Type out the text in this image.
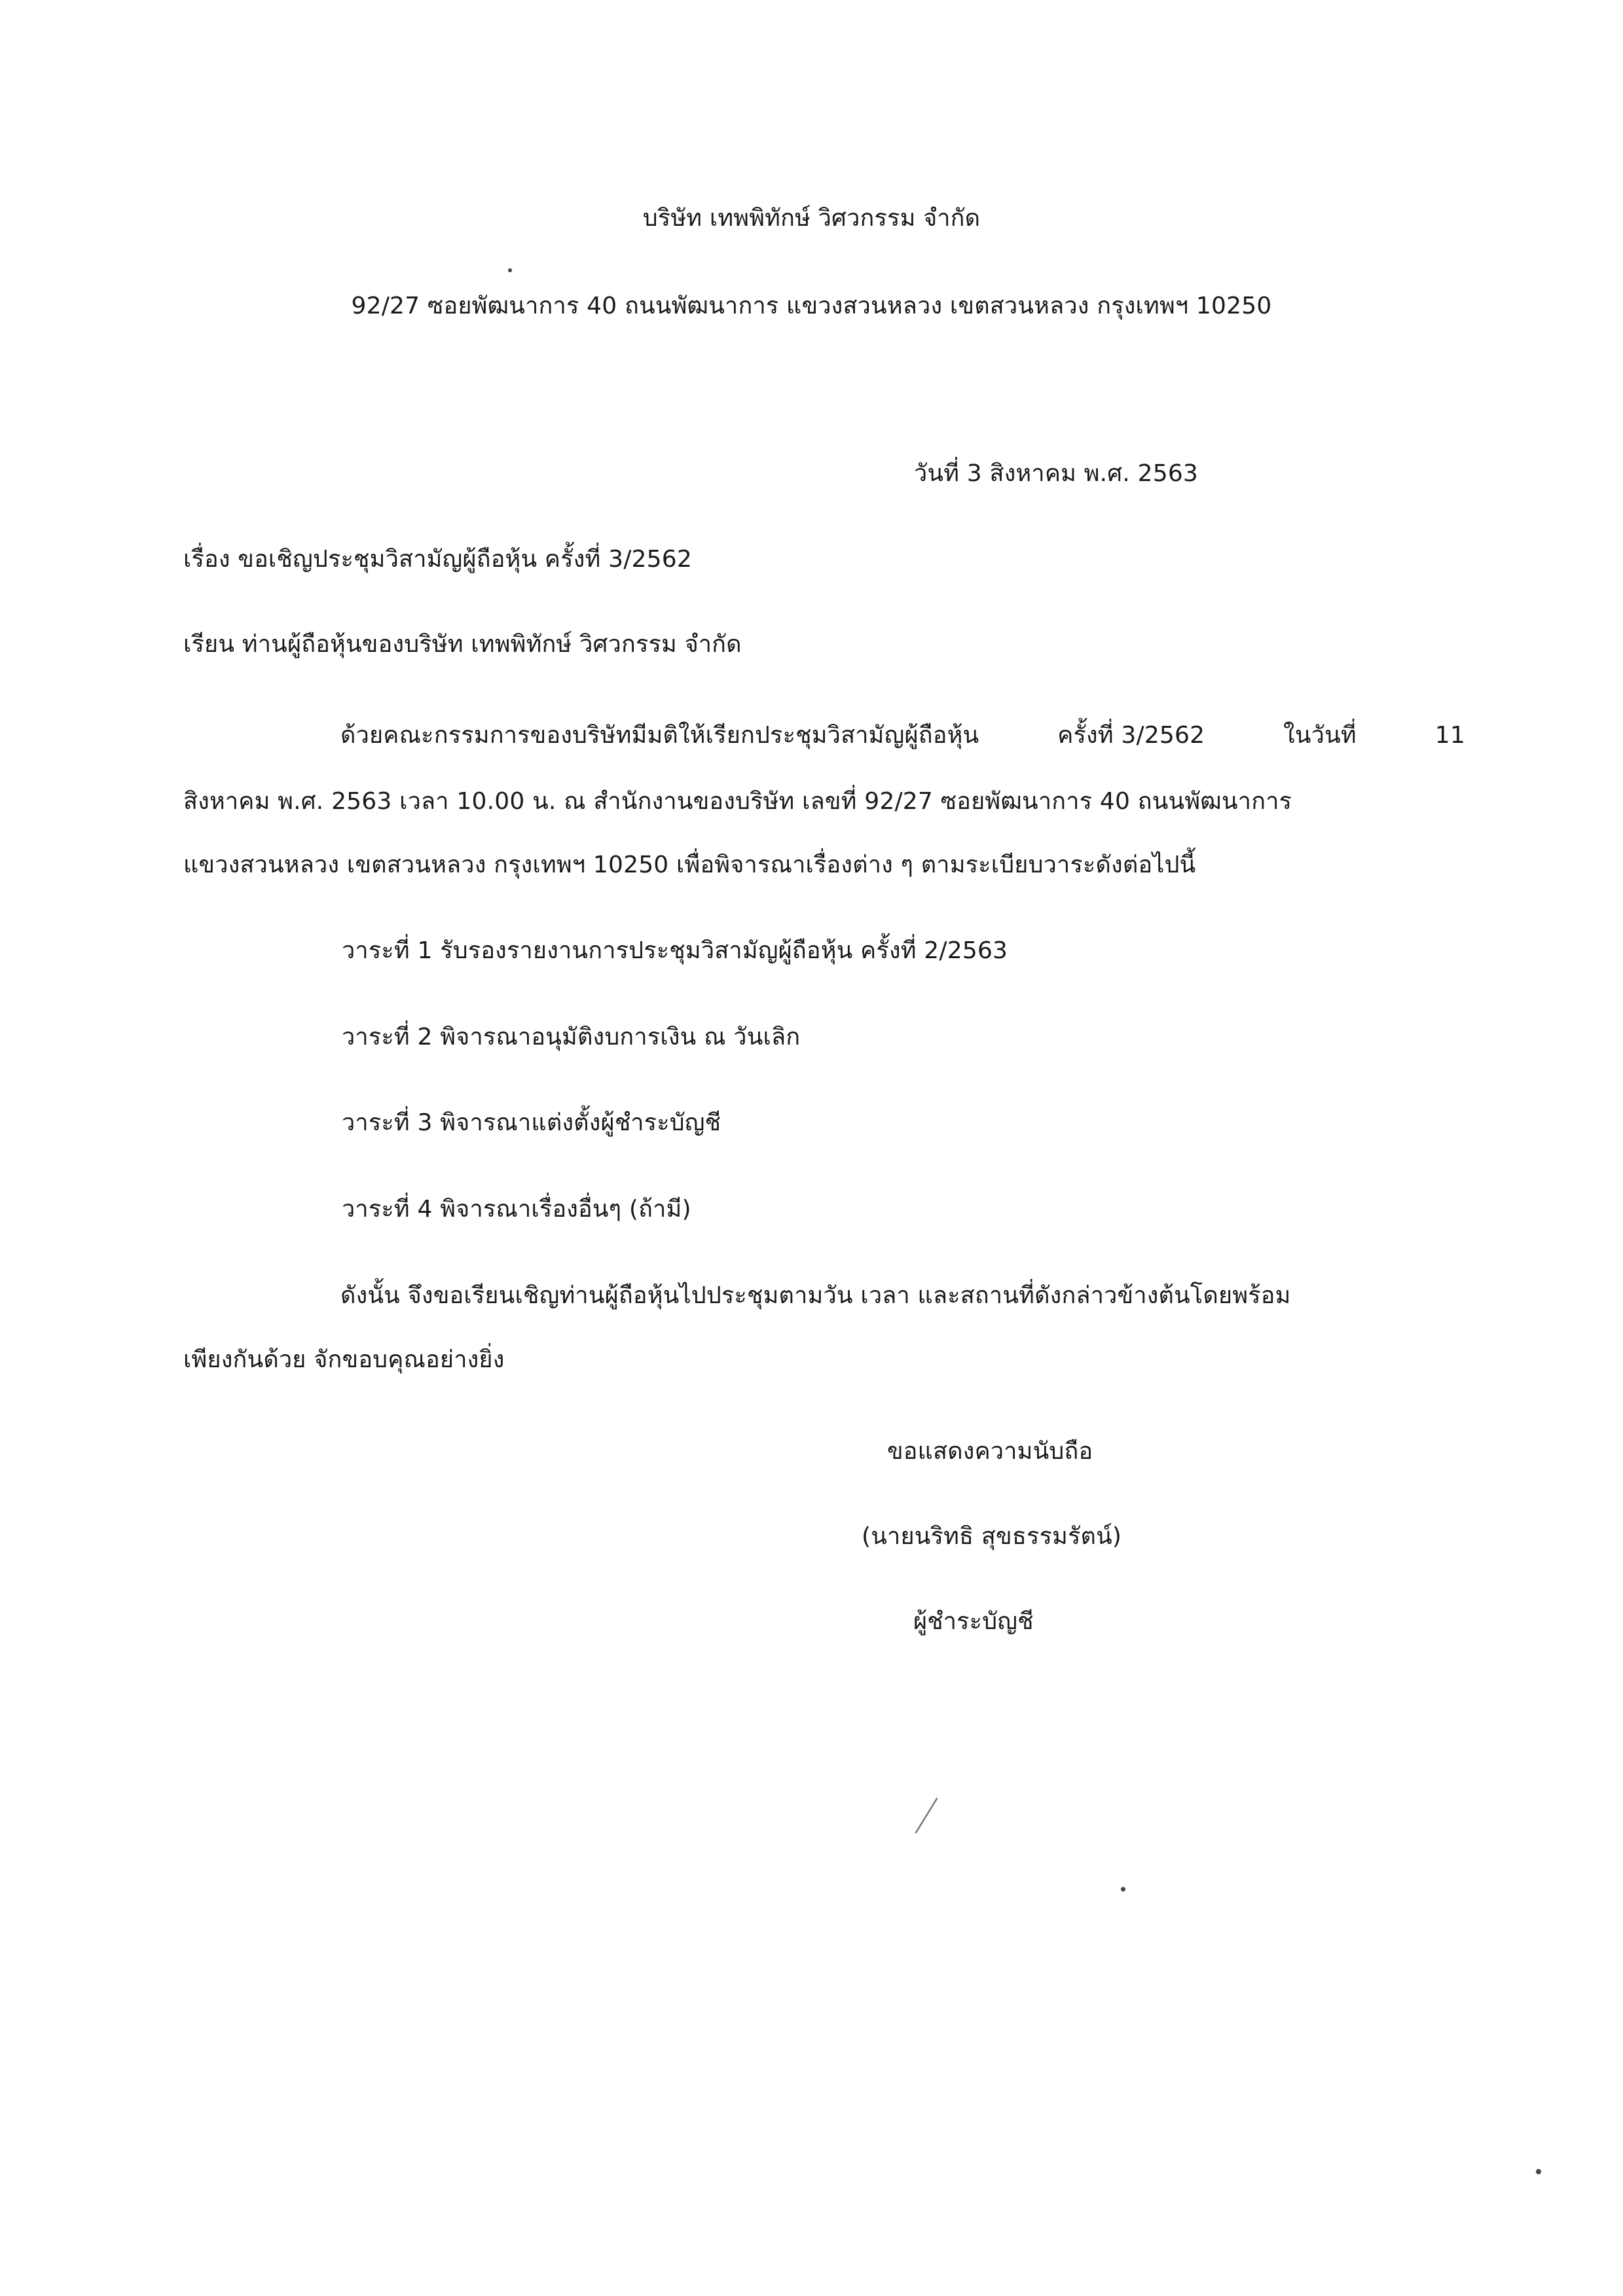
บริษัท เทพพิทักษ์ วิศวกรรม จำกัด
92/27 ซอยพัฒนาการ 40 ถนนพัฒนาการ แขวงสวนหลวง เขตสวนหลวง กรุงเทพฯ 10250
วันที่ 3 สิงหาคม พ.ศ. 2563
เรื่อง ขอเชิญประชุมวิสามัญผู้ถือหุ้น ครั้งที่ 3/2562
เรียน ท่านผู้ถือหุ้นของบริษัท เทพพิทักษ์ วิศวกรรม จำกัด
ด้วยคณะกรรมการของบริษัทมีมติให้เรียกประชุมวิสามัญผู้ถือหุ้น	ครั้งที่ 3/2562	ในวันที่	11
สิงหาคม พ.ศ. 2563 เวลา 10.00 น. ณ สำนักงานของบริษัท เลขที่ 92/27 ซอยพัฒนาการ 40 ถนนพัฒนาการ
แขวงสวนหลวง เขตสวนหลวง กรุงเทพฯ 10250 เพื่อพิจารณาเรื่องต่าง ๆ ตามระเบียบวาระดังต่อไปนี้
วาระที่ 1 รับรองรายงานการประชุมวิสามัญผู้ถือหุ้น ครั้งที่ 2/2563
วาระที่ 2 พิจารณาอนุมัติงบการเงิน ณ วันเลิก
วาระที่ 3 พิจารณาแต่งตั้งผู้ชำระบัญชี
วาระที่ 4 พิจารณาเรื่องอื่นๆ (ถ้ามี)
ดังนั้น จึงขอเรียนเชิญท่านผู้ถือหุ้นไปประชุมตามวัน เวลา และสถานที่ดังกล่าวข้างต้นโดยพร้อม
เพียงกันด้วย จักขอบคุณอย่างยิ่ง
ขอแสดงความนับถือ
(นายนริทธิ สุขธรรมรัตน์)
ผู้ชำระบัญชี
